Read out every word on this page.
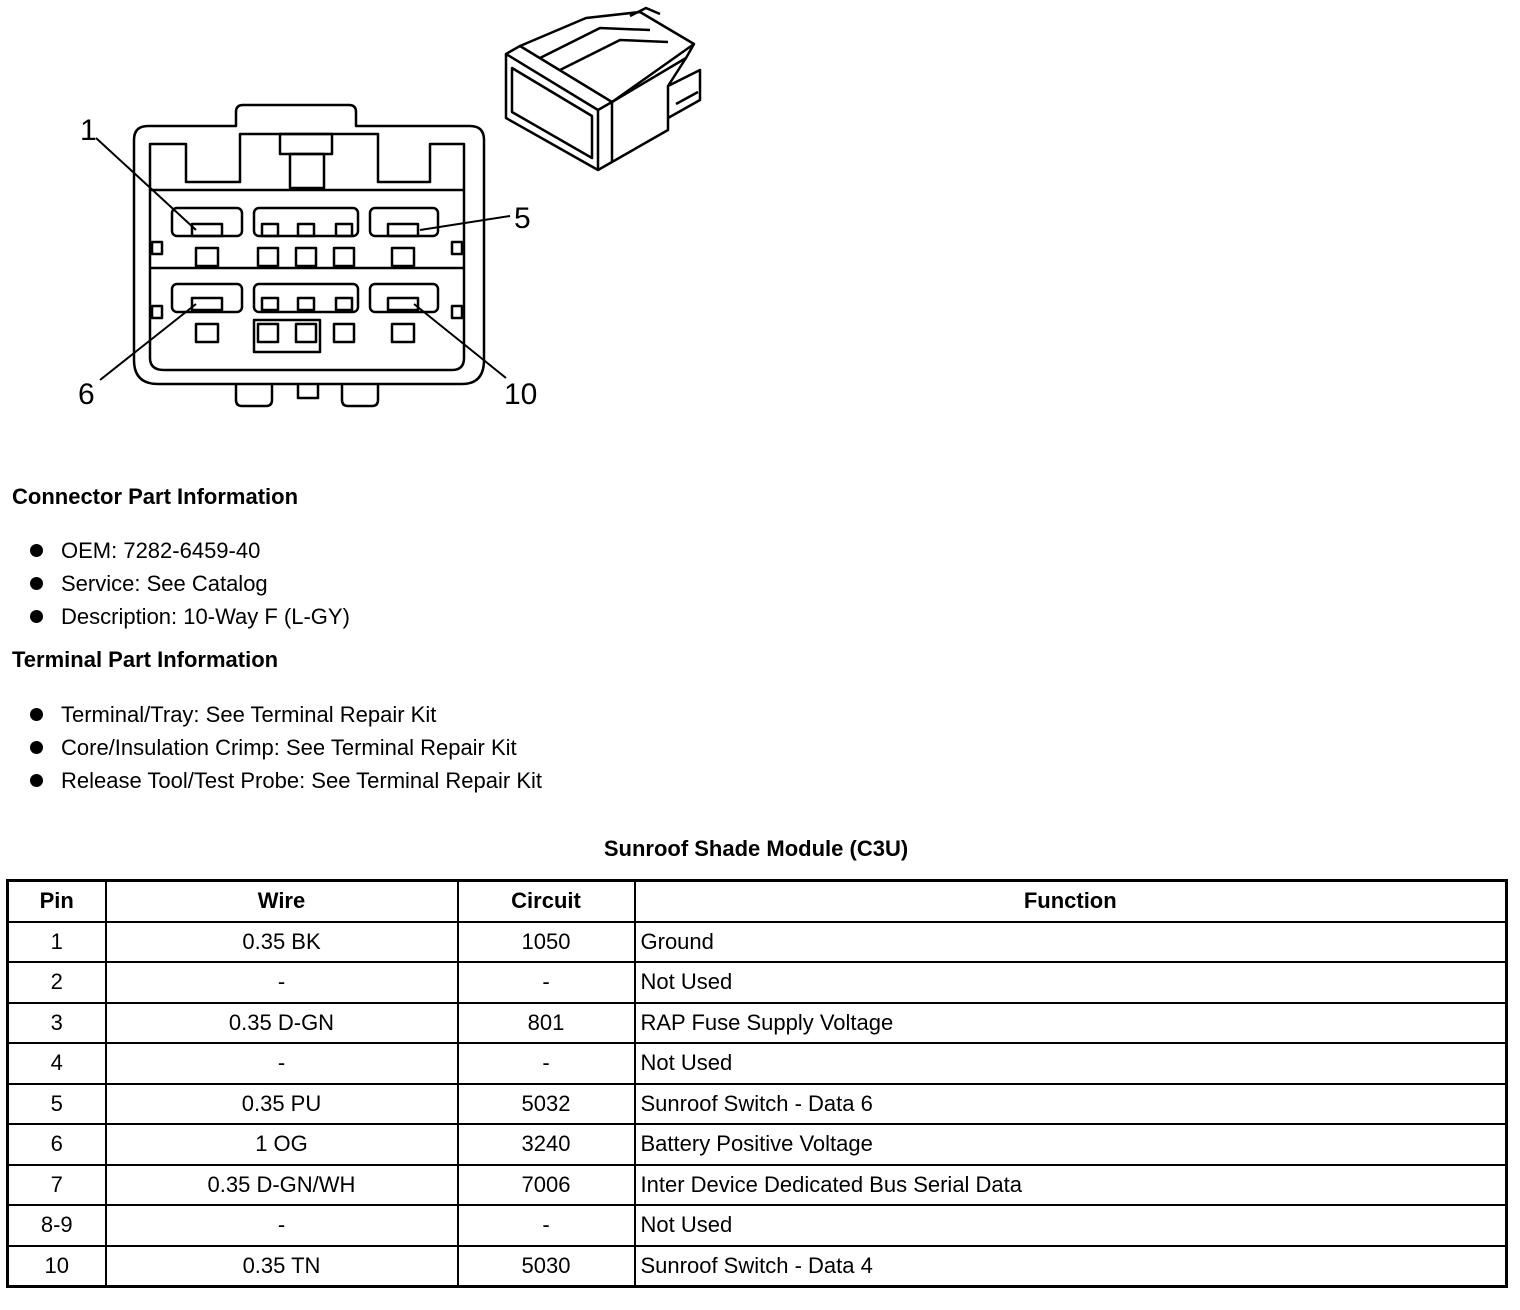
1
5
6	10
Connector Part Information
OEM: 7282-6459-40
Service: See Catalog
Description: 10-Way F (L-GY)
Terminal Part Information
Terminal/Tray: See Terminal Repair Kit
Core/Insulation Crimp: See Terminal Repair Kit
Release Tool/Test Probe: See Terminal Repair Kit
Sunroof Shade Module (C3U)
Pin	Wire	Circuit	Function
1	0.35 BK	1050	Ground
2	-	-	Not Used
3	0.35 D-GN	801	RAP Fuse Supply Voltage
4	-	-	Not Used
5	0.35 PU	5032	Sunroof Switch - Data 6
6	1 OG	3240	Battery Positive Voltage
7	0.35 D-GN/WH	7006	Inter Device Dedicated Bus Serial Data
8-9	-	-	Not Used
10	0.35 TN	5030	Sunroof Switch - Data 4
